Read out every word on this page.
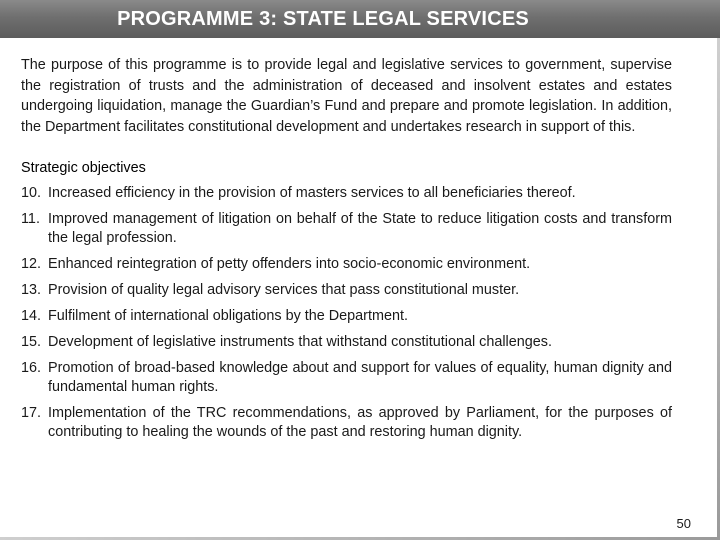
PROGRAMME 3: STATE LEGAL SERVICES

The purpose of this programme is to provide legal and legislative services to government, supervise the registration of trusts and the administration of deceased and insolvent estates and estates undergoing liquidation, manage the Guardian’s Fund and prepare and promote legislation. In addition, the Department facilitates constitutional development and undertakes research in support of this.

Strategic objectives
10. Increased efficiency in the provision of masters services to all beneficiaries thereof.
11. Improved management of litigation on behalf of the State to reduce litigation costs and transform the legal profession.
12. Enhanced reintegration of petty offenders into socio-economic environment.
13. Provision of quality legal advisory services that pass constitutional muster.
14. Fulfilment of international obligations by the Department.
15. Development of legislative instruments that withstand constitutional challenges.
16. Promotion of broad-based knowledge about and support for values of equality, human dignity and fundamental human rights.
17. Implementation of the TRC recommendations, as approved by Parliament, for the purposes of contributing to healing the wounds of the past and restoring human dignity.
50
